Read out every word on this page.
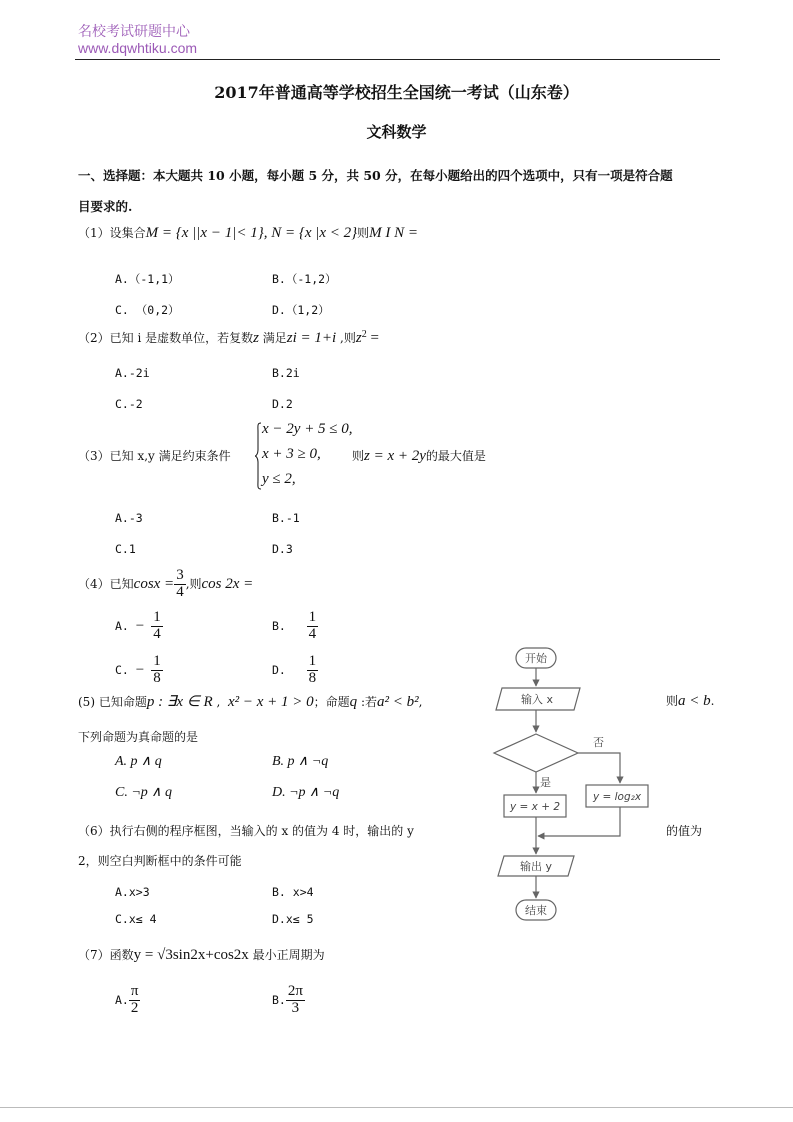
名校考试研题中心
www.dqwhtiku.com
2017年普通高等学校招生全国统一考试（山东卷）
文科数学
一、选择题：本大题共 10 小题，每小题 5 分，共 50 分，在每小题给出的四个选项中，只有一项是符合题
目要求的.
（1）设集合M = {x ||x − 1|< 1}, N = {x |x < 2}则M I N =
A.（-1,1）	B.（-1,2）
C. （0,2）	D.（1,2）
（2）已知 i 是虚数单位，若复数z 满足zi = 1+i ,则$z^2$ =
A.-2i	B.2i
C.-2	D.2
（3）已知 x,y 满足约束条件
x − 2y + 5 ≤ 0,
x + 3 ≥ 0,
y ≤ 2,
则z = x + 2y的最大值是
A.-3	B.-1
C.1	D.3
（4）已知$\cos x = \frac{3}{4}$ ,则cos 2x =
A. − $\frac{1}{4}$	B. $\frac{1}{4}$
C. − $\frac{1}{8}$	D. $\frac{1}{8}$
(5) 已知命题p : ∃x ∈ R ,  x² − x + 1 > 0；命题q :若a² < b²,	则a < b.
下列命题为真命题的是
A. p ∧ q	B. p ∧ ¬q
C. ¬p ∧ q	D. ¬p ∧ ¬q
（6）执行右侧的程序框图，当输入的 x 的值为 4 时，输出的 y	的值为
2，则空白判断框中的条件可能
A.x>3	B. x>4
C.x≤ 4	D.x≤ 5
（7）函数y = √3sin2x+cos2x 最小正周期为
A. $\frac{\pi}{2}$	B. $\frac{2\pi}{3}$
开始
输入 x
否
是
y = x + 2
y = log₂x
输出 y
结束
